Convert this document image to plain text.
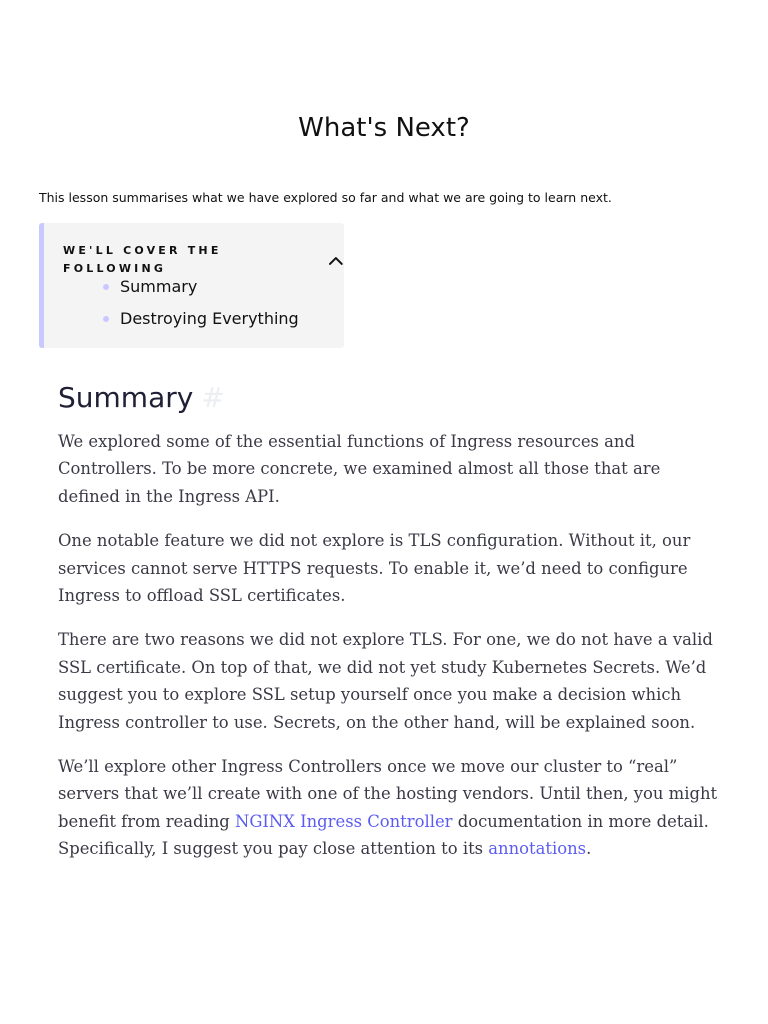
What's Next?

This lesson summarises what we have explored so far and what we are going to learn next.

WE'LL COVER THE FOLLOWING
Summary
Destroying Everything
Summary #

We explored some of the essential functions of Ingress resources and Controllers. To be more concrete, we examined almost all those that are defined in the Ingress API.

One notable feature we did not explore is TLS configuration. Without it, our services cannot serve HTTPS requests. To enable it, we’d need to configure Ingress to offload SSL certificates.

There are two reasons we did not explore TLS. For one, we do not have a valid SSL certificate. On top of that, we did not yet study Kubernetes Secrets. We’d suggest you to explore SSL setup yourself once you make a decision which Ingress controller to use. Secrets, on the other hand, will be explained soon.

We’ll explore other Ingress Controllers once we move our cluster to “real” servers that we’ll create with one of the hosting vendors. Until then, you might benefit from reading NGINX Ingress Controller documentation in more detail. Specifically, I suggest you pay close attention to its annotations.
